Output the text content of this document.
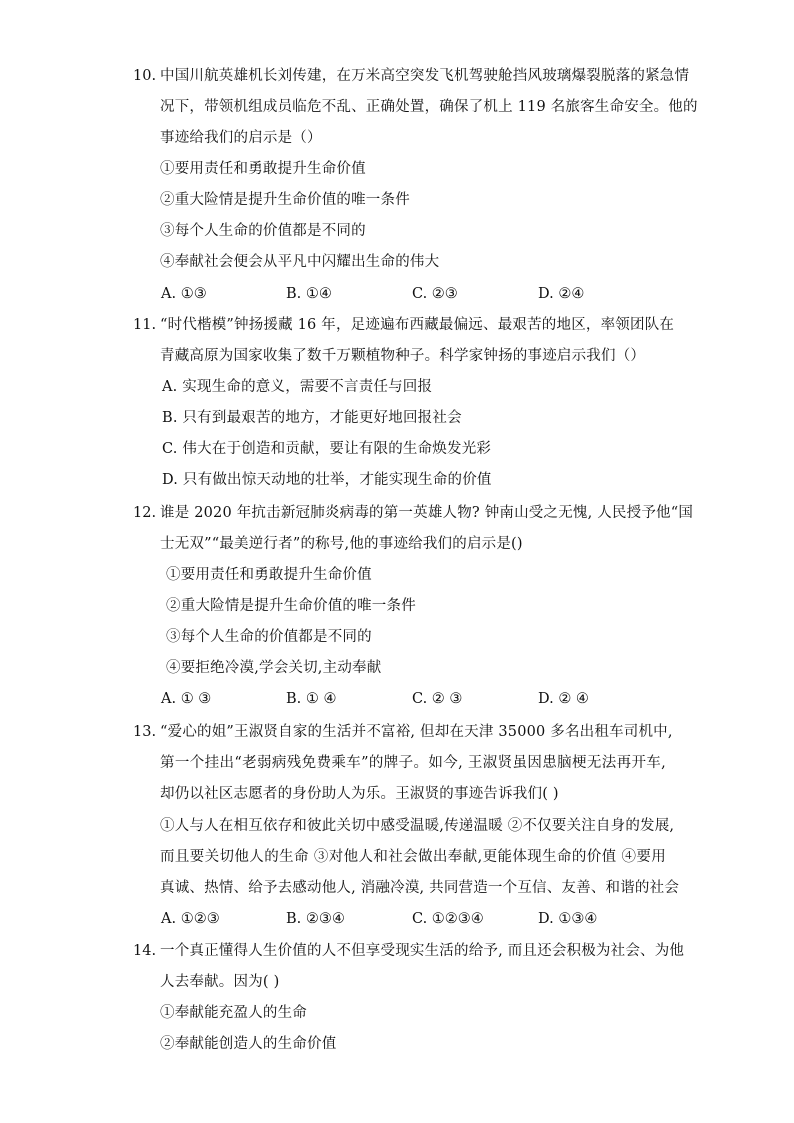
10. 中国川航英雄机长刘传建，在万米高空突发飞机驾驶舱挡风玻璃爆裂脱落的紧急情
况下，带领机组成员临危不乱、正确处置，确保了机上 119 名旅客生命安全。他的
事迹给我们的启示是（）
①要用责任和勇敢提升生命价值
②重大险情是提升生命价值的唯一条件
③每个人生命的价值都是不同的
④奉献社会便会从平凡中闪耀出生命的伟大
A. ①③	B. ①④	C. ②③	D. ②④
11. “时代楷模”钟扬援藏 16 年，足迹遍布西藏最偏远、最艰苦的地区，率领团队在
青藏高原为国家收集了数千万颗植物种子。科学家钟扬的事迹启示我们（）
A. 实现生命的意义，需要不言责任与回报
B. 只有到最艰苦的地方，才能更好地回报社会
C. 伟大在于创造和贡献，要让有限的生命焕发光彩
D. 只有做出惊天动地的壮举，才能实现生命的价值
12. 谁是 2020 年抗击新冠肺炎病毒的第一英雄人物? 钟南山受之无愧, 人民授予他“国
士无双”“最美逆行者”的称号,他的事迹给我们的启示是()
①要用责任和勇敢提升生命价值
②重大险情是提升生命价值的唯一条件
③每个人生命的价值都是不同的
④要拒绝冷漠,学会关切,主动奉献
A. ① ③	B. ① ④	C. ② ③	D. ② ④
13. “爱心的姐”王淑贤自家的生活并不富裕, 但却在天津 35000 多名出租车司机中,
第一个挂出“老弱病残免费乘车”的牌子。如今, 王淑贤虽因患脑梗无法再开车,
却仍以社区志愿者的身份助人为乐。王淑贤的事迹告诉我们( )
①人与人在相互依存和彼此关切中感受温暖,传递温暖 ②不仅要关注自身的发展,
而且要关切他人的生命 ③对他人和社会做出奉献,更能体现生命的价值 ④要用
真诚、热情、给予去感动他人, 消融冷漠, 共同营造一个互信、友善、和谐的社会
A. ①②③	B. ②③④	C. ①②③④	D. ①③④
14. 一个真正懂得人生价值的人不但享受现实生活的给予, 而且还会积极为社会、为他
人去奉献。因为( )
①奉献能充盈人的生命
②奉献能创造人的生命价值
